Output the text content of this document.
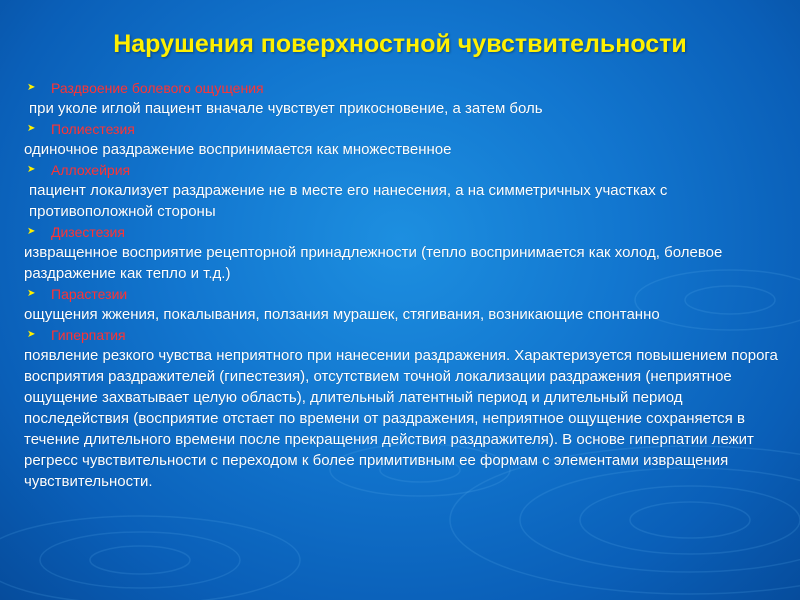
Нарушения поверхностной чувствительности
➤ Раздвоение болевого ощущения

при уколе иглой пациент вначале чувствует прикосновение, а затем боль

➤ Полиестезия

одиночное раздражение воспринимается как множественное

➤ Аллохейрия

пациент локализует раздражение не в месте его нанесения, а на симметричных участках с противоположной стороны

➤ Дизестезия

извращенное восприятие рецепторной принадлежности (тепло воспринимается как холод, болевое раздражение как тепло и т.д.)

➤ Парастезии

ощущения жжения, покалывания, ползания мурашек, стягивания, возникающие спонтанно

➤ Гиперпатия

появление резкого чувства неприятного при нанесении раздражения. Характеризуется повышением порога восприятия раздражителей (гипестезия), отсутствием точной локализации раздражения (неприятное ощущение захватывает целую область), длительный латентный период и длительный период последействия (восприятие отстает по времени от раздражения, неприятное ощущение сохраняется в течение длительного времени после прекращения действия раздражителя). В основе гиперпатии лежит регресс чувствительности с переходом к более примитивным ее формам с элементами извращения чувствительности.
